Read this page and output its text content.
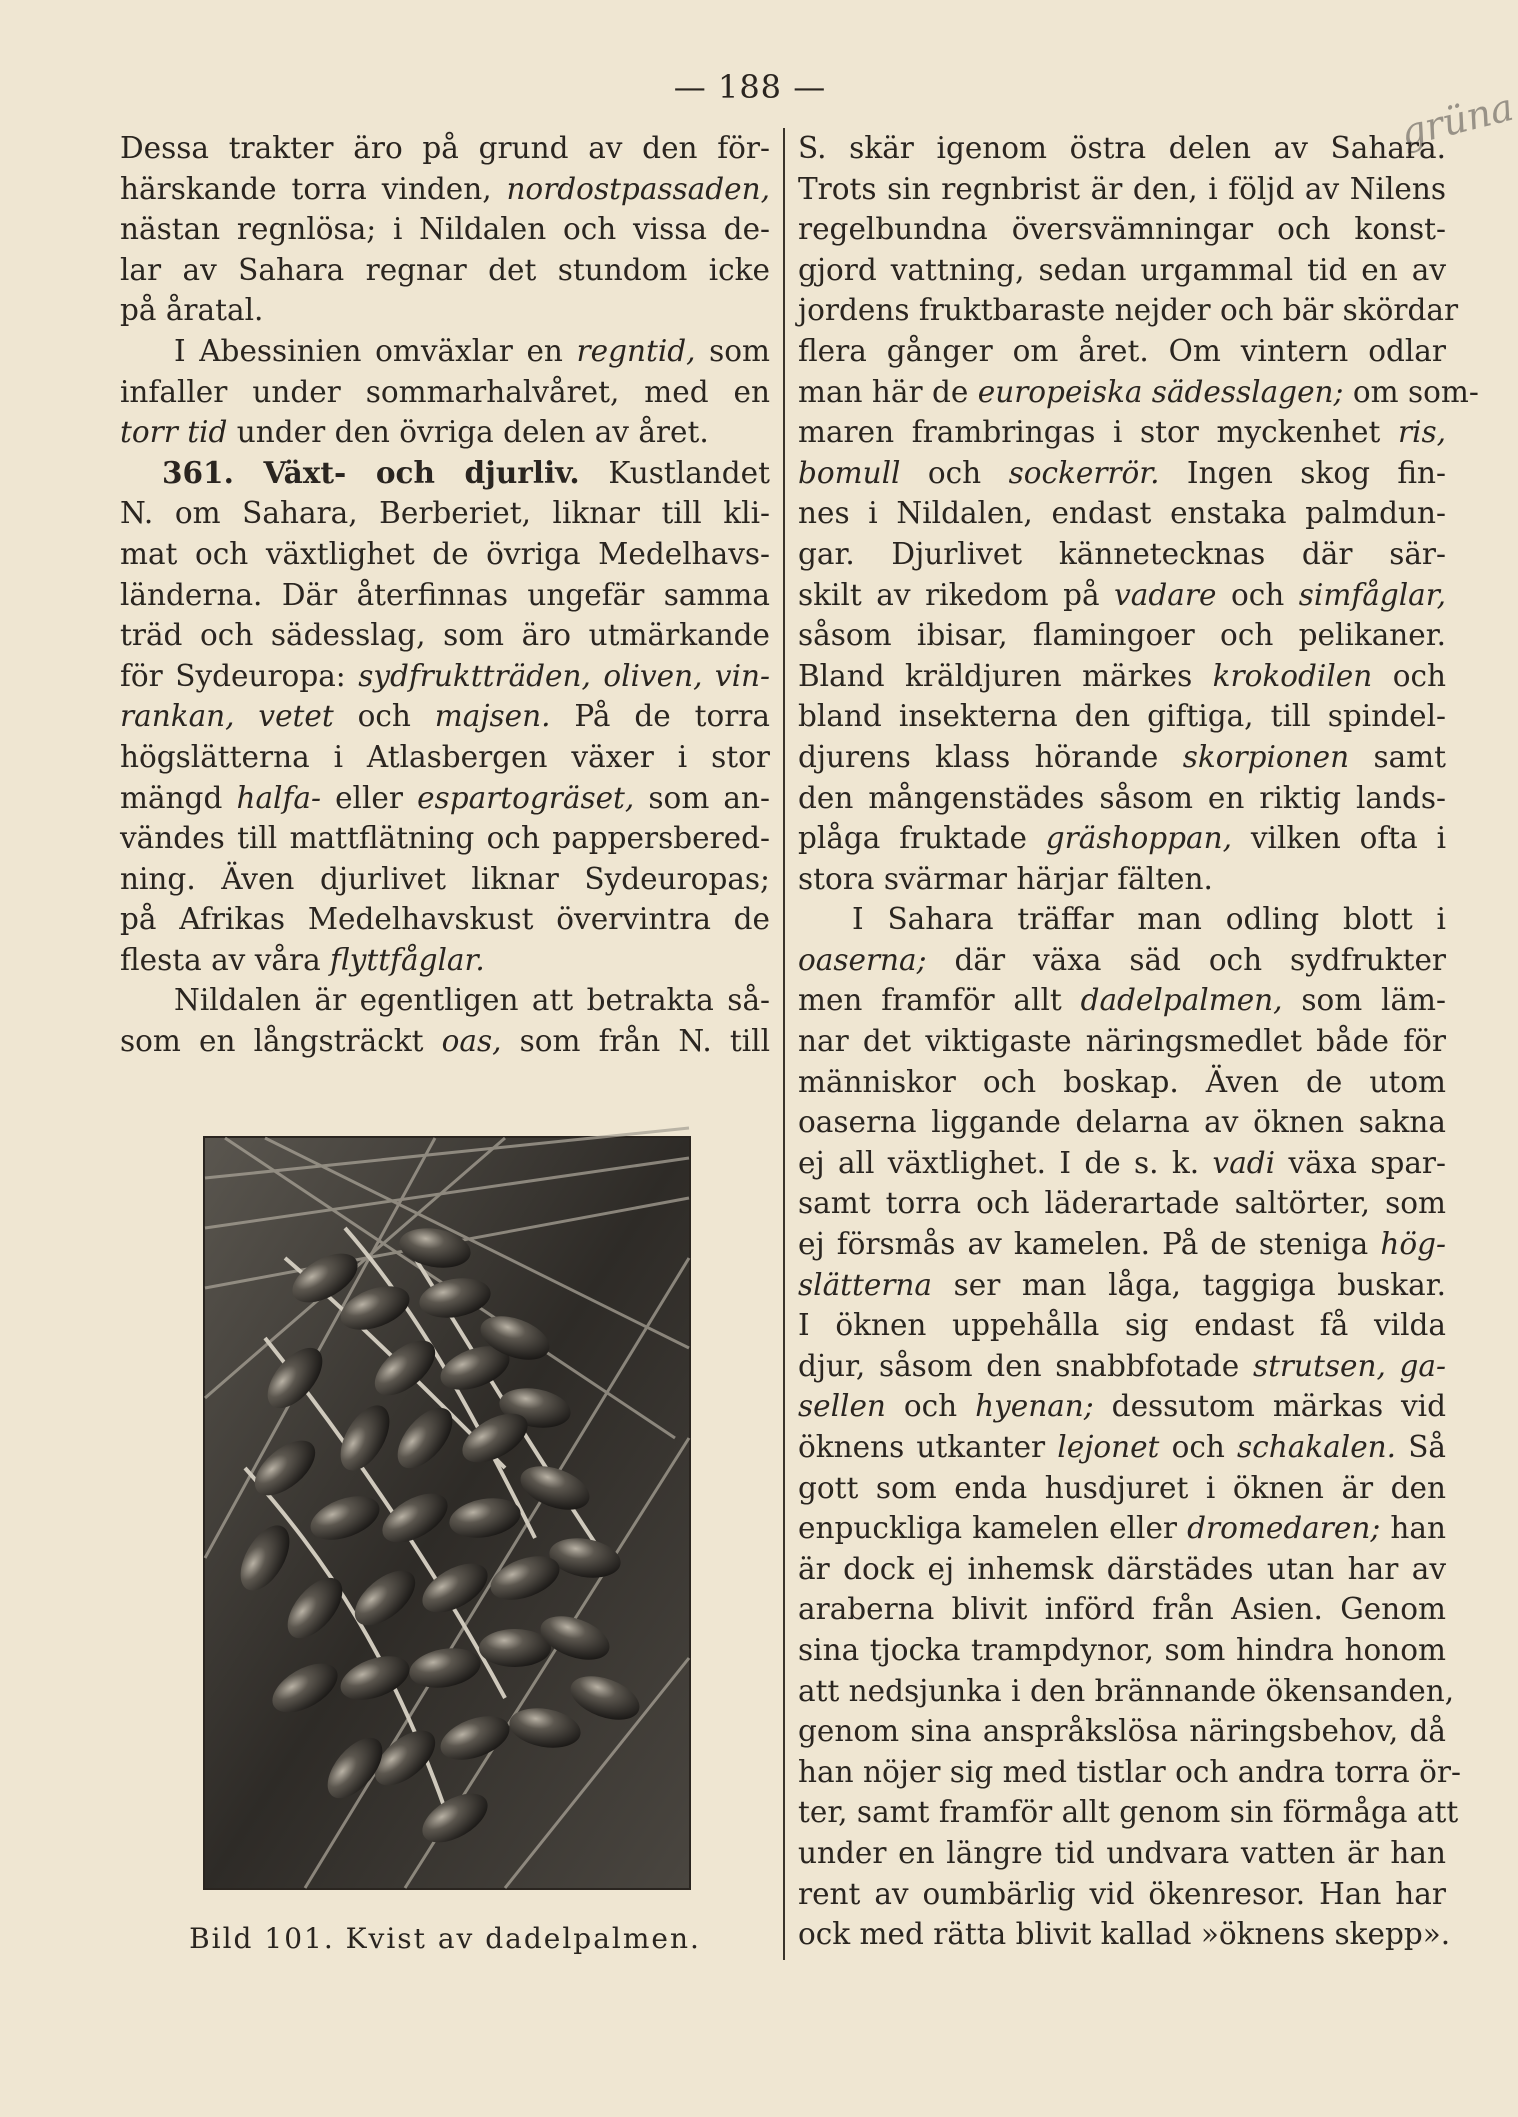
— 188 —	grüna
Dessa trakter äro på grund av den för-
härskande torra vinden, nordostpassaden,
nästan regnlösa; i Nildalen och vissa de-
lar av Sahara regnar det stundom icke
på åratal.
I Abessinien omväxlar en regntid, som
infaller under sommarhalvåret, med en
torr tid under den övriga delen av året.
361. Växt- och djurliv. Kustlandet
N. om Sahara, Berberiet, liknar till kli-
mat och växtlighet de övriga Medelhavs-
länderna. Där återfinnas ungefär samma
träd och sädesslag, som äro utmärkande
för Sydeuropa: sydfruktträden, oliven, vin-
rankan, vetet och majsen. På de torra
högslätterna i Atlasbergen växer i stor
mängd halfa- eller espartogräset, som an-
vändes till mattflätning och pappersbered-
ning. Även djurlivet liknar Sydeuropas;
på Afrikas Medelhavskust övervintra de
flesta av våra flyttfåglar.
Nildalen är egentligen att betrakta så-
som en långsträckt oas, som från N. till
S. skär igenom östra delen av Sahara.
Trots sin regnbrist är den, i följd av Nilens
regelbundna översvämningar och konst-
gjord vattning, sedan urgammal tid en av
jordens fruktbaraste nejder och bär skördar
flera gånger om året. Om vintern odlar
man här de europeiska sädesslagen; om som-
maren frambringas i stor myckenhet ris,
bomull och sockerrör. Ingen skog fin-
nes i Nildalen, endast enstaka palmdun-
gar. Djurlivet kännetecknas där sär-
skilt av rikedom på vadare och simfåglar,
såsom ibisar, flamingoer och pelikaner.
Bland kräldjuren märkes krokodilen och
bland insekterna den giftiga, till spindel-
djurens klass hörande skorpionen samt
den mångenstädes såsom en riktig lands-
plåga fruktade gräshoppan, vilken ofta i
stora svärmar härjar fälten.
I Sahara träffar man odling blott i
oaserna; där växa säd och sydfrukter
men framför allt dadelpalmen, som läm-
nar det viktigaste näringsmedlet både för
människor och boskap. Även de utom
oaserna liggande delarna av öknen sakna
ej all växtlighet. I de s. k. vadi växa spar-
samt torra och läderartade saltörter, som
ej försmås av kamelen. På de steniga hög-
slätterna ser man låga, taggiga buskar.
I öknen uppehålla sig endast få vilda
djur, såsom den snabbfotade strutsen, ga-
sellen och hyenan; dessutom märkas vid
öknens utkanter lejonet och schakalen. Så
gott som enda husdjuret i öknen är den
enpuckliga kamelen eller dromedaren; han
är dock ej inhemsk därstädes utan har av
araberna blivit införd från Asien. Genom
sina tjocka trampdynor, som hindra honom
att nedsjunka i den brännande ökensanden,
genom sina anspråkslösa näringsbehov, då
han nöjer sig med tistlar och andra torra ör-
ter, samt framför allt genom sin förmåga att
under en längre tid undvara vatten är han
rent av oumbärlig vid ökenresor. Han har
ock med rätta blivit kallad »öknens skepp».
Bild 101. Kvist av dadelpalmen.
